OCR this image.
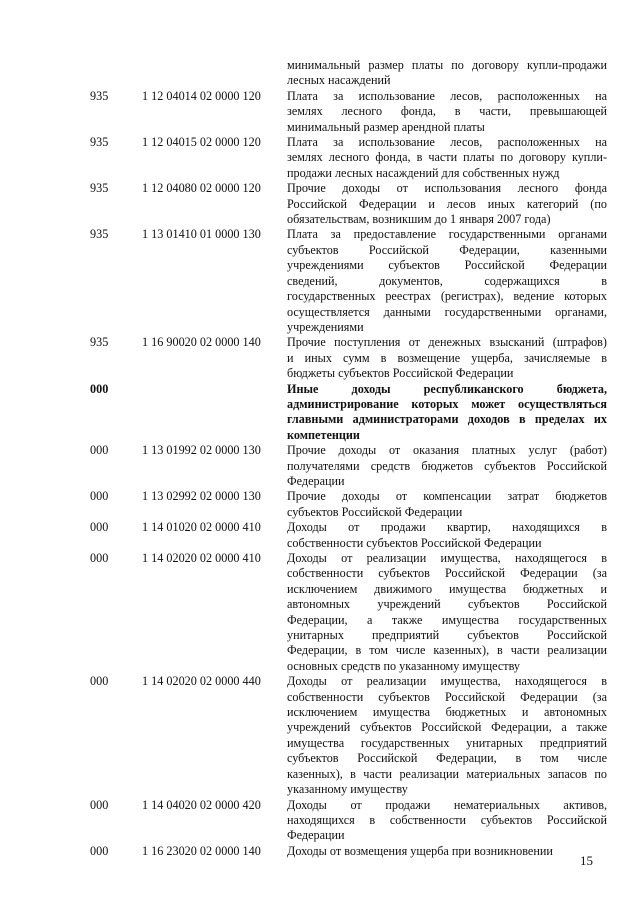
минимальный размер платы по договору купли-продажи
лесных насаждений
935	1 12 04014 02 0000 120 Плата за использование лесов, расположенных на
землях лесного фонда, в части, превышающей
минимальный размер арендной платы
935	1 12 04015 02 0000 120 Плата за использование лесов, расположенных на
землях лесного фонда, в части платы по договору купли-
продажи лесных насаждений для собственных нужд
935	1 12 04080 02 0000 120 Прочие доходы от использования лесного фонда
Российской Федерации и лесов иных категорий (по
обязательствам, возникшим до 1 января 2007 года)
935	1 13 01410 01 0000 130 Плата за предоставление государственными органами
субъектов Российской Федерации, казенными
учреждениями субъектов Российской Федерации
сведений, документов, содержащихся в
государственных реестрах (регистрах), ведение которых
осуществляется данными государственными органами,
учреждениями
935	1 16 90020 02 0000 140 Прочие поступления от денежных взысканий (штрафов)
и иных сумм в возмещение ущерба, зачисляемые в
бюджеты субъектов Российской Федерации
000	Иные доходы республиканского бюджета,
администрирование которых может осуществляться
главными администраторами доходов в пределах их
компетенции
000	1 13 01992 02 0000 130 Прочие доходы от оказания платных услуг (работ)
получателями средств бюджетов субъектов Российской
Федерации
000	1 13 02992 02 0000 130 Прочие доходы от компенсации затрат бюджетов
субъектов Российской Федерации
000	1 14 01020 02 0000 410 Доходы от продажи квартир, находящихся в
собственности субъектов Российской Федерации
000	1 14 02020 02 0000 410 Доходы от реализации имущества, находящегося в
собственности субъектов Российской Федерации (за
исключением движимого имущества бюджетных и
автономных учреждений субъектов Российской
Федерации, а также имущества государственных
унитарных предприятий субъектов Российской
Федерации, в том числе казенных), в части реализации
основных средств по указанному имуществу
000	1 14 02020 02 0000 440 Доходы от реализации имущества, находящегося в
собственности субъектов Российской Федерации (за
исключением имущества бюджетных и автономных
учреждений субъектов Российской Федерации, а также
имущества государственных унитарных предприятий
субъектов Российской Федерации, в том числе
казенных), в части реализации материальных запасов по
указанному имуществу
000	1 14 04020 02 0000 420 Доходы от продажи нематериальных активов,
находящихся в собственности субъектов Российской
Федерации
000	1 16 23020 02 0000 140 Доходы от возмещения ущерба при возникновении
15
